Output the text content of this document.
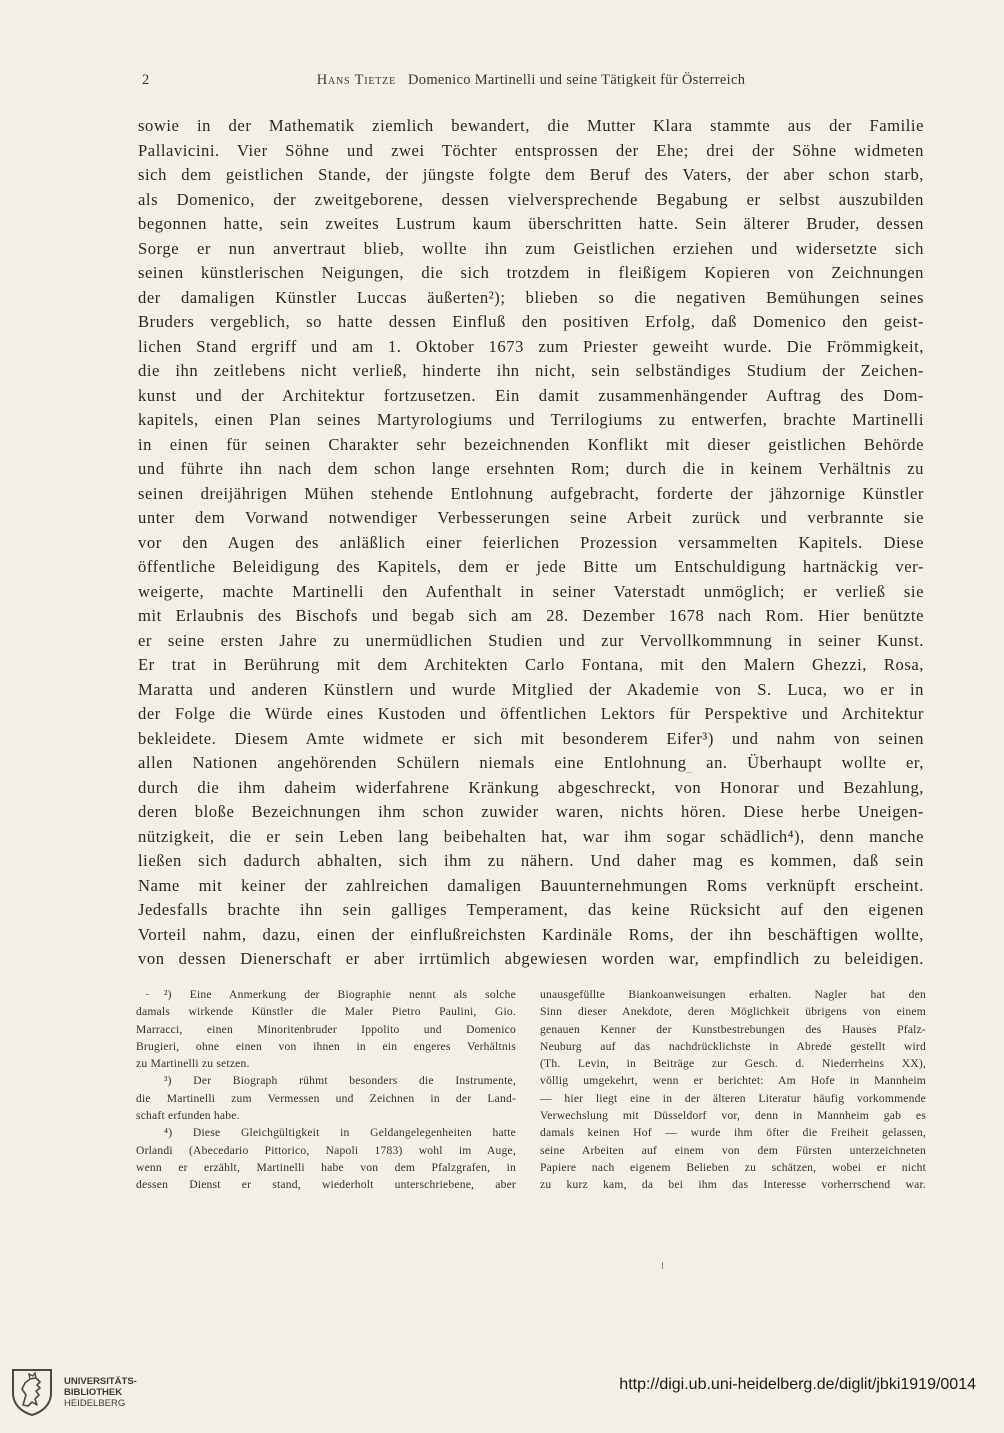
2	Hans Tietze Domenico Martinelli und seine Tätigkeit für Österreich
sowie in der Mathematik ziemlich bewandert, die Mutter Klara stammte aus der Familie
Pallavicini. Vier Söhne und zwei Töchter entsprossen der Ehe; drei der Söhne widmeten
sich dem geistlichen Stande, der jüngste folgte dem Beruf des Vaters, der aber schon starb,
als Domenico, der zweitgeborene, dessen vielversprechende Begabung er selbst auszubilden
begonnen hatte, sein zweites Lustrum kaum überschritten hatte. Sein älterer Bruder, dessen
Sorge er nun anvertraut blieb, wollte ihn zum Geistlichen erziehen und widersetzte sich
seinen künstlerischen Neigungen, die sich trotzdem in fleißigem Kopieren von Zeichnungen
der damaligen Künstler Luccas äußerten²); blieben so die negativen Bemühungen seines
Bruders vergeblich, so hatte dessen Einfluß den positiven Erfolg, daß Domenico den geist-
lichen Stand ergriff und am 1. Oktober 1673 zum Priester geweiht wurde. Die Frömmigkeit,
die ihn zeitlebens nicht verließ, hinderte ihn nicht, sein selbständiges Studium der Zeichen-
kunst und der Architektur fortzusetzen. Ein damit zusammenhängender Auftrag des Dom-
kapitels, einen Plan seines Martyrologiums und Terrilogiums zu entwerfen, brachte Martinelli
in einen für seinen Charakter sehr bezeichnenden Konflikt mit dieser geistlichen Behörde
und führte ihn nach dem schon lange ersehnten Rom; durch die in keinem Verhältnis zu
seinen dreijährigen Mühen stehende Entlohnung aufgebracht, forderte der jähzornige Künstler
unter dem Vorwand notwendiger Verbesserungen seine Arbeit zurück und verbrannte sie
vor den Augen des anläßlich einer feierlichen Prozession versammelten Kapitels. Diese
öffentliche Beleidigung des Kapitels, dem er jede Bitte um Entschuldigung hartnäckig ver-
weigerte, machte Martinelli den Aufenthalt in seiner Vaterstadt unmöglich; er verließ sie
mit Erlaubnis des Bischofs und begab sich am 28. Dezember 1678 nach Rom. Hier benützte
er seine ersten Jahre zu unermüdlichen Studien und zur Vervollkommnung in seiner Kunst.
Er trat in Berührung mit dem Architekten Carlo Fontana, mit den Malern Ghezzi, Rosa,
Maratta und anderen Künstlern und wurde Mitglied der Akademie von S. Luca, wo er in
der Folge die Würde eines Kustoden und öffentlichen Lektors für Perspektive und Architektur
bekleidete. Diesem Amte widmete er sich mit besonderem Eifer³) und nahm von seinen
allen Nationen angehörenden Schülern niemals eine Entlohnung an. Überhaupt wollte er,
durch die ihm daheim widerfahrene Kränkung abgeschreckt, von Honorar und Bezahlung,
deren bloße Bezeichnungen ihm schon zuwider waren, nichts hören. Diese herbe Uneigen-
nützigkeit, die er sein Leben lang beibehalten hat, war ihm sogar schädlich⁴), denn manche
ließen sich dadurch abhalten, sich ihm zu nähern. Und daher mag es kommen, daß sein
Name mit keiner der zahlreichen damaligen Bauunternehmungen Roms verknüpft erscheint.
Jedesfalls brachte ihn sein galliges Temperament, das keine Rücksicht auf den eigenen
Vorteil nahm, dazu, einen der einflußreichsten Kardinäle Roms, der ihn beschäftigen wollte,
von dessen Dienerschaft er aber irrtümlich abgewiesen worden war, empfindlich zu beleidigen.
²) Eine Anmerkung der Biographie nennt als solche
damals wirkende Künstler die Maler Pietro Paulini, Gio.
Marracci, einen Minoritenbruder Ippolito und Domenico
Brugieri, ohne einen von ihnen in ein engeres Verhältnis
zu Martinelli zu setzen.
³) Der Biograph rühmt besonders die Instrumente,
die Martinelli zum Vermessen und Zeichnen in der Land-
schaft erfunden habe.
⁴) Diese Gleichgültigkeit in Geldangelegenheiten hatte
Orlandi (Abecedario Pittorico, Napoli 1783) wohl im Auge,
wenn er erzählt, Martinelli habe von dem Pfalzgrafen, in
dessen Dienst er stand, wiederholt unterschriebene, aber
unausgefüllte Biankoanweisungen erhalten. Nagler hat den
Sinn dieser Anekdote, deren Möglichkeit übrigens von einem
genauen Kenner der Kunstbestrebungen des Hauses Pfalz-
Neuburg auf das nachdrücklichste in Abrede gestellt wird
(Th. Levin, in Beiträge zur Gesch. d. Niederrheins XX),
völlig umgekehrt, wenn er berichtet: Am Hofe in Mannheim
— hier liegt eine in der älteren Literatur häufig vorkommende
Verwechslung mit Düsseldorf vor, denn in Mannheim gab es
damals keinen Hof — wurde ihm öfter die Freiheit gelassen,
seine Arbeiten auf einem von dem Fürsten unterzeichneten
Papiere nach eigenem Belieben zu schätzen, wobei er nicht
zu kurz kam, da bei ihm das Interesse vorherrschend war.
UNIVERSITÄTS-
BIBLIOTHEK
HEIDELBERG
http://digi.ub.uni-heidelberg.de/diglit/jbki1919/0014
